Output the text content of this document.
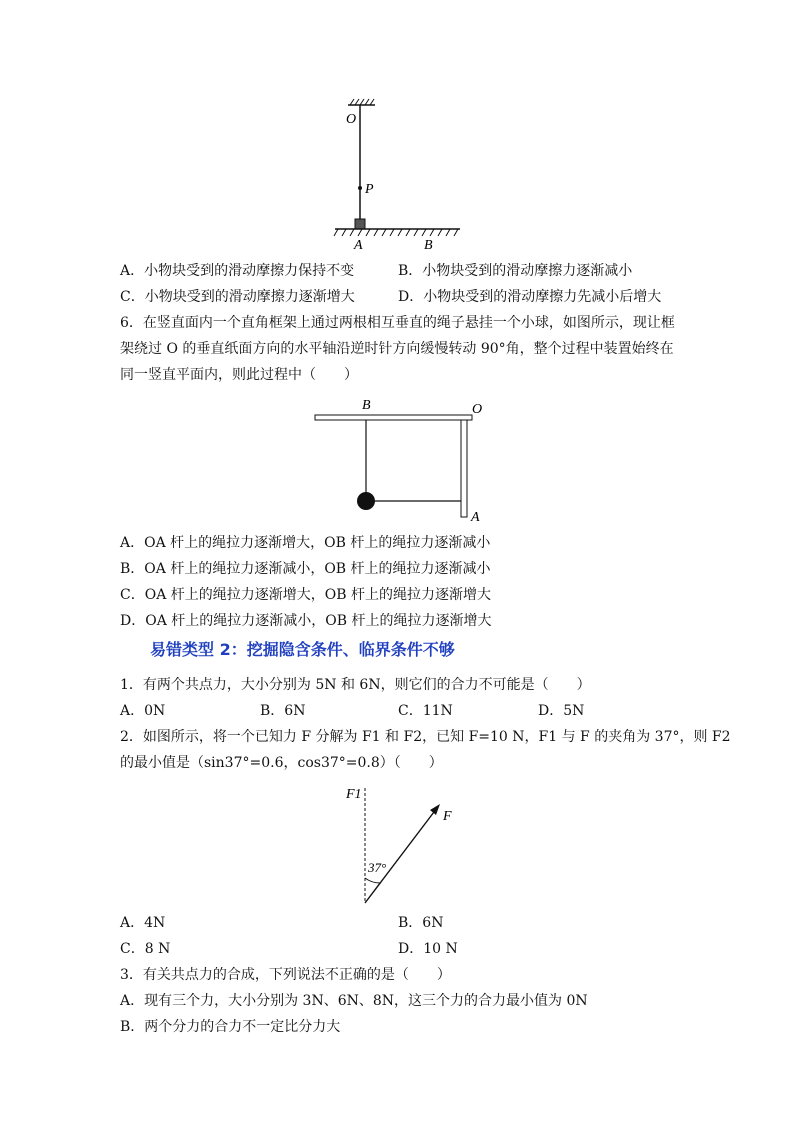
O
P
A	B
A．小物块受到的滑动摩擦力保持不变	B．小物块受到的滑动摩擦力逐渐减小
C．小物块受到的滑动摩擦力逐渐增大	D．小物块受到的滑动摩擦力先减小后增大
6．在竖直面内一个直角框架上通过两根相互垂直的绳子悬挂一个小球，如图所示，现让框
架绕过 O 的垂直纸面方向的水平轴沿逆时针方向缓慢转动 90°角，整个过程中装置始终在
同一竖直平面内，则此过程中（　　）
B	O
A
A．OA 杆上的绳拉力逐渐增大，OB 杆上的绳拉力逐渐减小
B．OA 杆上的绳拉力逐渐减小，OB 杆上的绳拉力逐渐减小
C．OA 杆上的绳拉力逐渐增大，OB 杆上的绳拉力逐渐增大
D．OA 杆上的绳拉力逐渐减小，OB 杆上的绳拉力逐渐增大
易错类型 2：挖掘隐含条件、临界条件不够
1．有两个共点力，大小分别为 5N 和 6N，则它们的合力不可能是（　　）
A．0N	B．6N	C．11N	D．5N
2．如图所示，将一个已知力 F 分解为 F1 和 F2，已知 F=10 N，F1 与 F 的夹角为 37°，则 F2
的最小值是（sin37°=0.6，cos37°=0.8）（　　）
F1
F
37°
A．4N	B．6N
C．8 N	D．10 N
3．有关共点力的合成，下列说法不正确的是（　　）
A．现有三个力，大小分别为 3N、6N、8N，这三个力的合力最小值为 0N
B．两个分力的合力不一定比分力大
